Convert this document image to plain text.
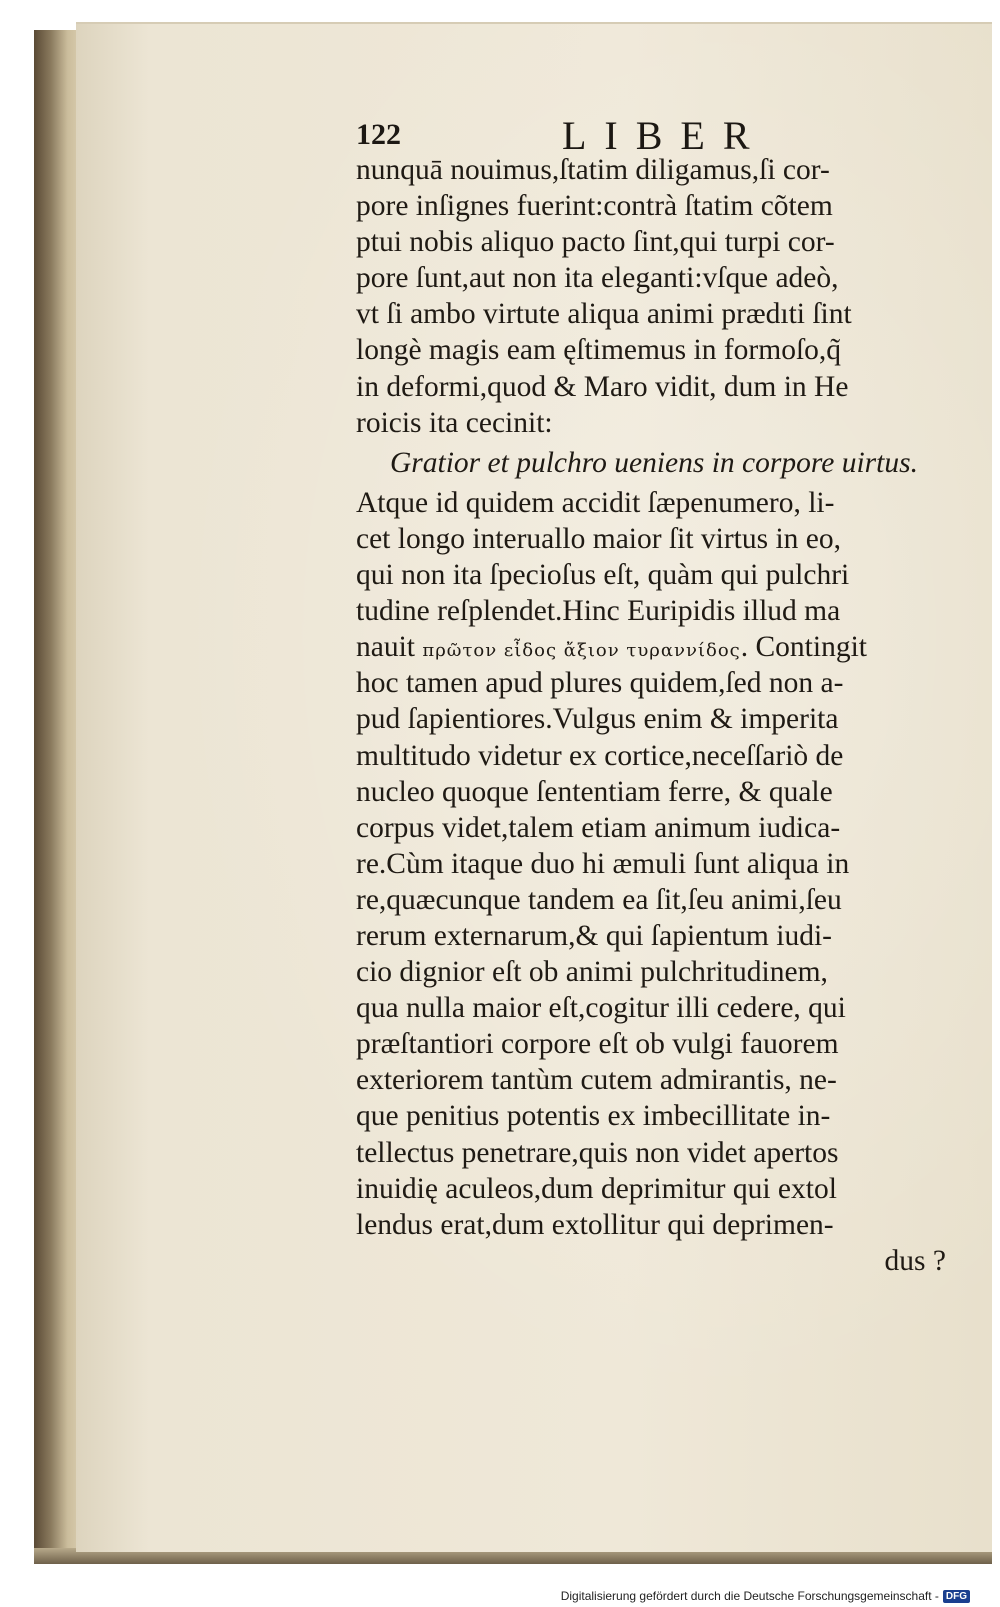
122	LIBER
nunquā nouimus,ſtatim diligamus,ſi cor-
pore inſignes fuerint:contrà ſtatim cõtem
ptui nobis aliquo pacto ſint,qui turpi cor-
pore ſunt,aut non ita eleganti:vſque adeò,
vt ſi ambo virtute aliqua animi prædıti ſint
longè magis eam ęſtimemus in formoſo,q̃
in deformi,quod & Maro vidit, dum in He
roicis ita cecinit:
Gratior et pulchro ueniens in corpore uirtus.
Atque id quidem accidit ſæpenumero, li-
cet longo interuallo maior ſit virtus in eo,
qui non ita ſpecioſus eſt, quàm qui pulchri
tudine reſplendet.Hinc Euripidis illud ma
nauit πρῶτον εἶδος ἄξιον τυραννίδος. Contingit
hoc tamen apud plures quidem,ſed non a-
pud ſapientiores.Vulgus enim & imperita
multitudo videtur ex cortice,neceſſariò de
nucleo quoque ſententiam ferre, & quale
corpus videt,talem etiam animum iudica-
re.Cùm itaque duo hi æmuli ſunt aliqua in
re,quæcunque tandem ea ſit,ſeu animi,ſeu
rerum externarum,& qui ſapientum iudi-
cio dignior eſt ob animi pulchritudinem,
qua nulla maior eſt,cogitur illi cedere, qui
præſtantiori corpore eſt ob vulgi fauorem
exteriorem tantùm cutem admirantis, ne-
que penitius potentis ex imbecillitate in-
tellectus penetrare,quis non videt apertos
inuidię aculeos,dum deprimitur qui extol
lendus erat,dum extollitur qui deprimen-
dus ?
Digitalisierung gefördert durch die Deutsche Forschungsgemeinschaft - DFG
